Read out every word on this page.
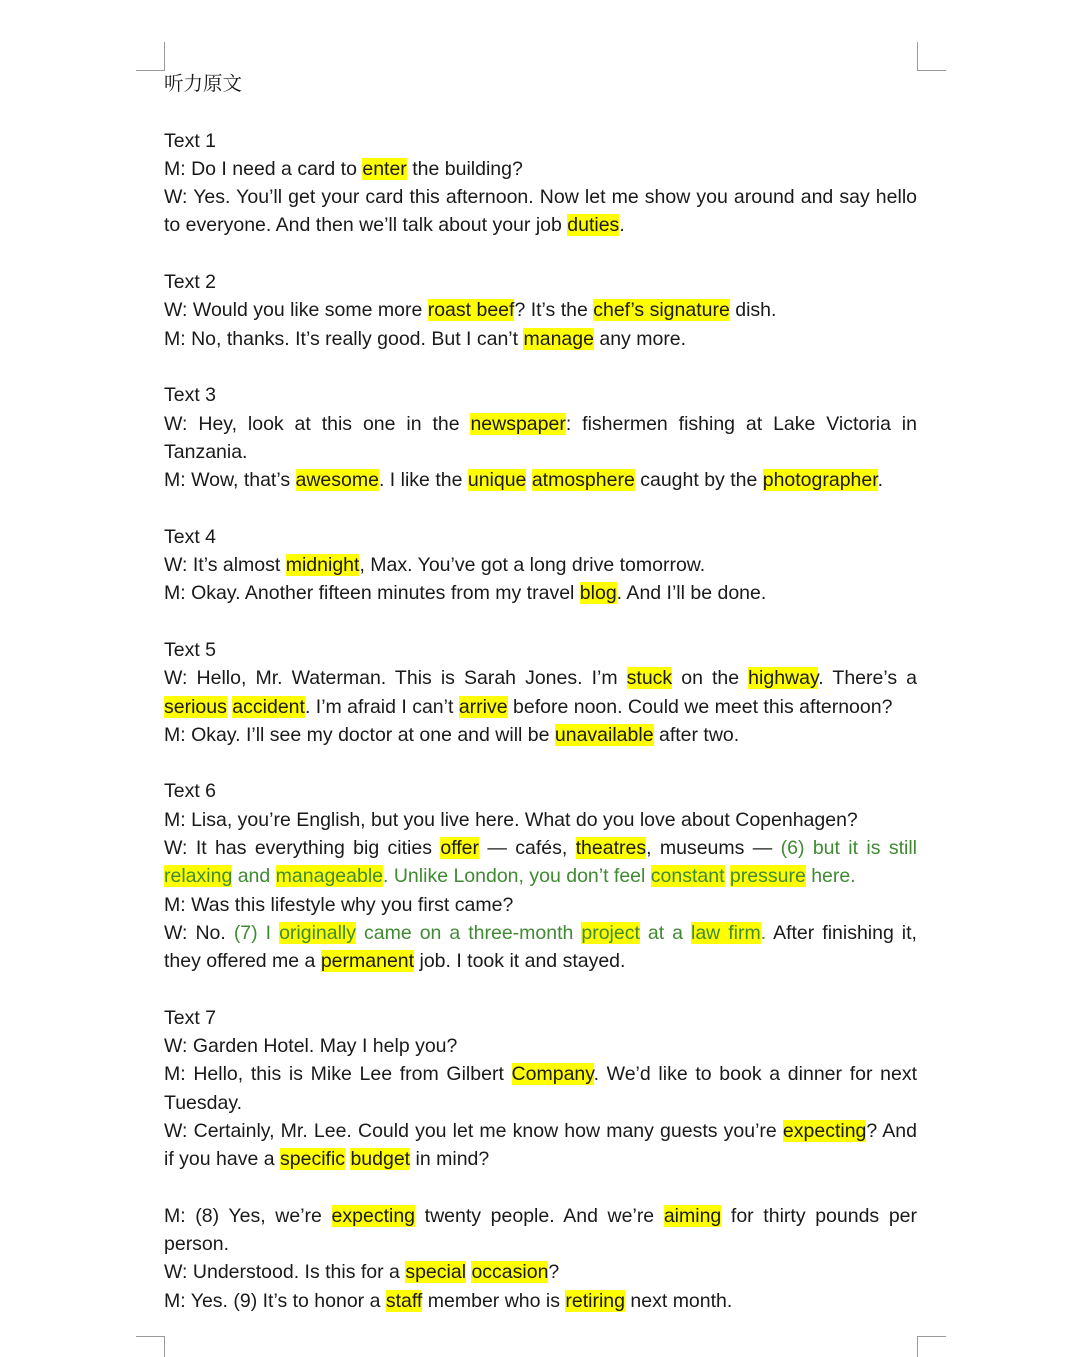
听力原文
Text 1
M: Do I need a card to enter the building?
W: Yes. You’ll get your card this afternoon. Now let me show you around and say hello to everyone. And then we’ll talk about your job duties.
Text 2
W: Would you like some more roast beef? It’s the chef’s signature dish.
M: No, thanks. It’s really good. But I can’t manage any more.
Text 3
W: Hey, look at this one in the newspaper: fishermen fishing at Lake Victoria in Tanzania.
M: Wow, that’s awesome. I like the unique atmosphere caught by the photographer.
Text 4
W: It’s almost midnight, Max. You’ve got a long drive tomorrow.
M: Okay. Another fifteen minutes from my travel blog. And I’ll be done.
Text 5
W: Hello, Mr. Waterman. This is Sarah Jones. I’m stuck on the highway. There’s a serious accident. I’m afraid I can’t arrive before noon. Could we meet this afternoon?
M: Okay. I’ll see my doctor at one and will be unavailable after two.
Text 6
M: Lisa, you’re English, but you live here. What do you love about Copenhagen?
W: It has everything big cities offer — cafés, theatres, museums — (6) but it is still relaxing and manageable. Unlike London, you don’t feel constant pressure here.
M: Was this lifestyle why you first came?
W: No. (7) I originally came on a three-month project at a law firm. After finishing it, they offered me a permanent job. I took it and stayed.
Text 7
W: Garden Hotel. May I help you?
M: Hello, this is Mike Lee from Gilbert Company. We’d like to book a dinner for next Tuesday.
W: Certainly, Mr. Lee. Could you let me know how many guests you’re expecting? And if you have a specific budget in mind?
M: (8) Yes, we’re expecting twenty people. And we’re aiming for thirty pounds per person.
W: Understood. Is this for a special occasion?
M: Yes. (9) It’s to honor a staff member who is retiring next month.
